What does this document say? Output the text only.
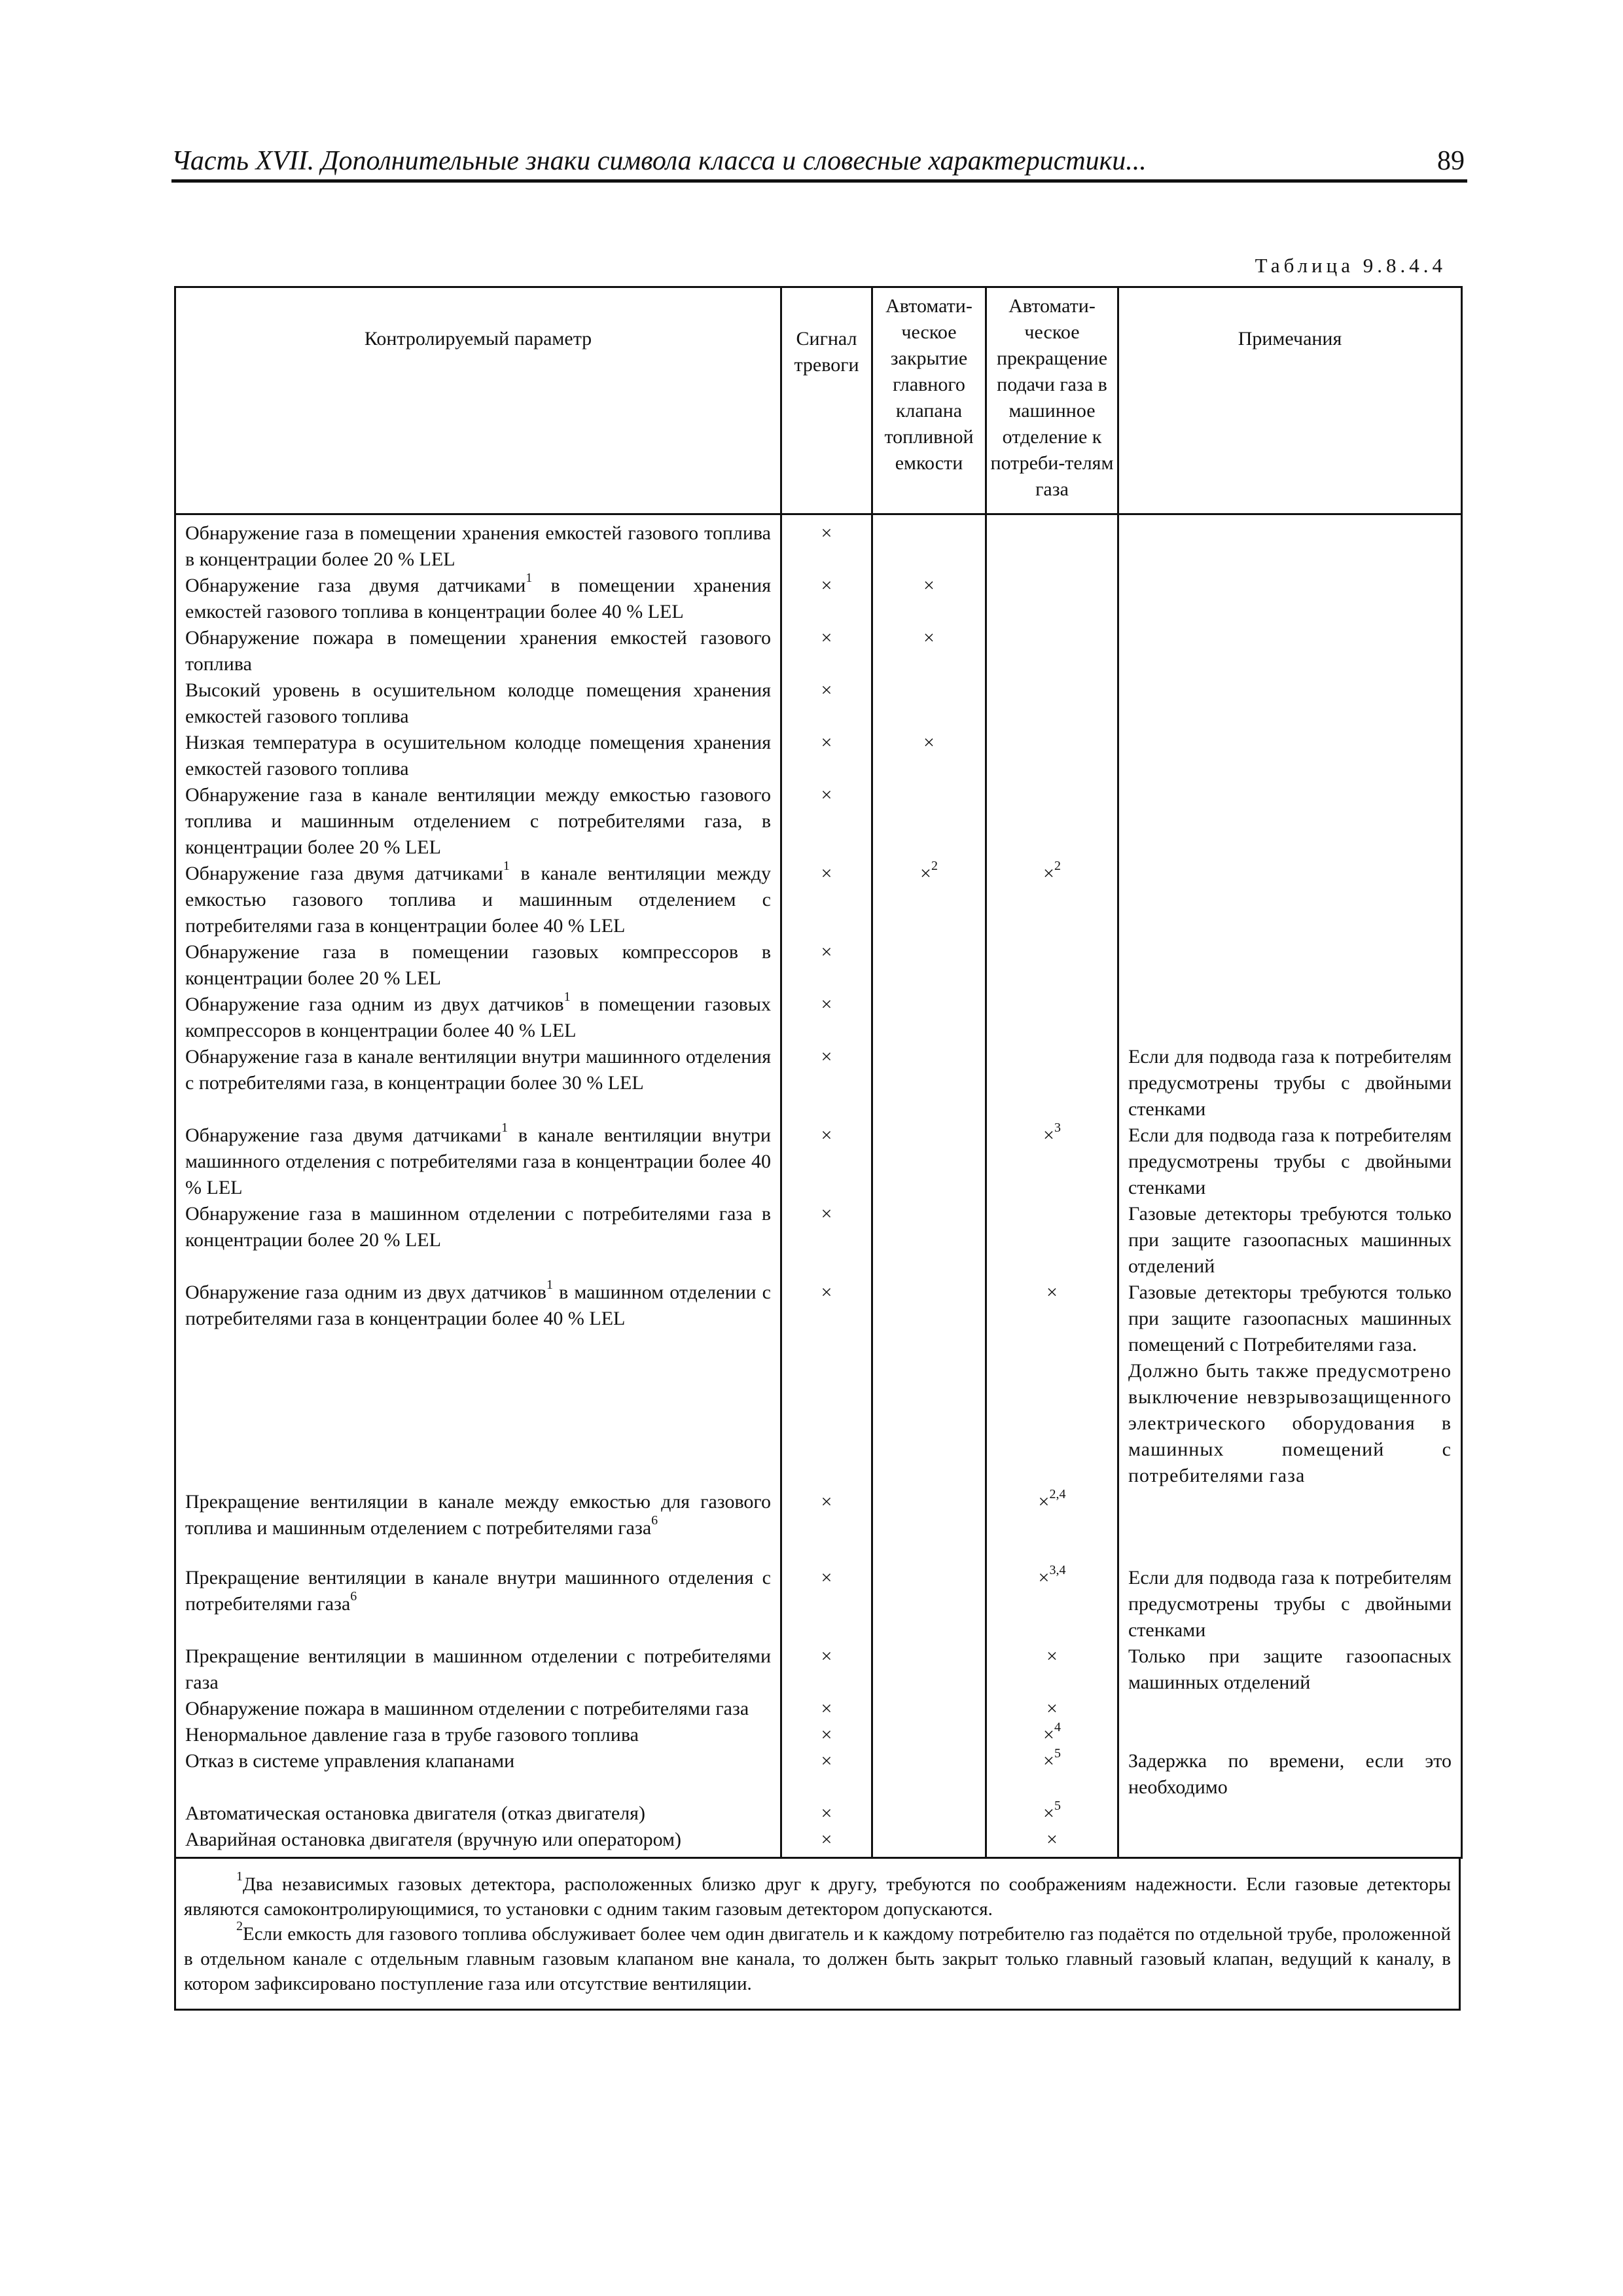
Часть XVII. Дополнительные знаки символа класса и словесные характеристики...	89
Таблица 9.8.4.4
Контролируемый параметр	Сигнал тревоги	Автомати-ческое закрытие главного клапана топливной емкости	Автомати-ческое прекращение подачи газа в машинное отделение к потреби-телям газа	Примечания

Обнаружение газа в помещении хранения емкостей газового топлива в концентрации более 20 % LEL	×			
Обнаружение газа двумя датчиками$^1$ в помещении хранения емкостей газового топлива в концентрации более 40 % LEL	×	×		
Обнаружение пожара в помещении хранения емкостей газового топлива	×	×		
Высокий уровень в осушительном колодце помещения хранения емкостей газового топлива	×			
Низкая температура в осушительном колодце помещения хранения емкостей газового топлива	×	×		
Обнаружение газа в канале вентиляции между емкостью газового топлива и машинным отделением с потребителями газа, в концентрации более 20 % LEL	×			
Обнаружение газа двумя датчиками$^1$ в канале вентиляции между емкостью газового топлива и машинным отделением с потребителями газа в концентрации более 40 % LEL	×	×$^2$	×$^2$	
Обнаружение газа в помещении газовых компрессоров в концентрации более 20 % LEL	×			
Обнаружение газа одним из двух датчиков$^1$ в помещении газовых компрессоров в концентрации более 40 % LEL	×			
Обнаружение газа в канале вентиляции внутри машинного отделения с потребителями газа, в концентрации более 30 % LEL	×			Если для подвода газа к потребителям предусмотрены трубы с двойными стенками
Обнаружение газа двумя датчиками$^1$ в канале вентиляции внутри машинного отделения с потребителями газа в концентрации более 40 % LEL	×		×$^3$	Если для подвода газа к потребителям предусмотрены трубы с двойными стенками
Обнаружение газа в машинном отделении с потребителями газа в концентрации более 20 % LEL	×			Газовые детекторы требуются только при защите газоопасных машинных отделений
Обнаружение газа одним из двух датчиков$^1$ в машинном отделении с потребителями газа в концентрации более 40 % LEL	×		×	Газовые детекторы требуются только при защите газоопасных машинных помещений с Потребителями газа.
Должно быть также предусмотрено выключение невзрывозащищенного электрического оборудования в машинных помещений с потребителями газа

Прекращение вентиляции в канале между емкостью для газового топлива и машинным отделением с потребителями газа$^6$	×		×$^{2,4}$	
Прекращение вентиляции в канале внутри машинного отделения с потребителями газа$^6$	×		×$^{3,4}$	Если для подвода газа к потребителям предусмотрены трубы с двойными стенками
Прекращение вентиляции в машинном отделении с потребителями газа	×		×	Только при защите газоопасных машинных отделений
Обнаружение пожара в машинном отделении с потребителями газа	×		×	
Ненормальное давление газа в трубе газового топлива	×		×$^4$	
Отказ в системе управления клапанами	×		×$^5$	Задержка по времени, если это необходимо
Автоматическая остановка двигателя (отказ двигателя)	×		×$^5$	
Аварийная остановка двигателя (вручную или оператором)	×		×	

$^1$Два независимых газовых детектора, расположенных близко друг к другу, требуются по соображениям надежности. Если газовые детекторы являются самоконтролирующимися, то установки с одним таким газовым детектором допускаются.

$^2$Если емкость для газового топлива обслуживает более чем один двигатель и к каждому потребителю газ подаётся по отдельной трубе, проложенной в отдельном канале с отдельным главным газовым клапаном вне канала, то должен быть закрыт только главный газовый клапан, ведущий к каналу, в котором зафиксировано поступление газа или отсутствие вентиляции.
